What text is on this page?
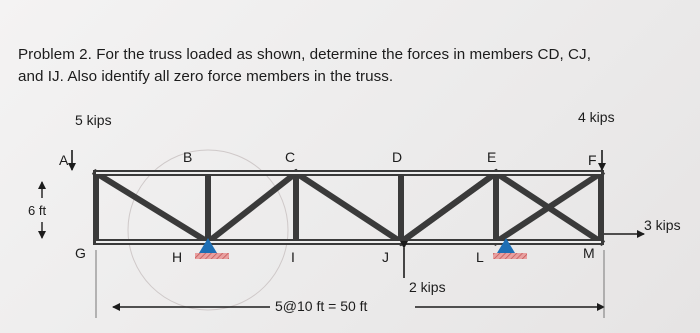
Problem 2. For the truss loaded as shown, determine the forces in members CD, CJ,
and IJ. Also identify all zero force members in the truss.
5 kips	4 kips
3 kips
2 kips
A	B	C	D	E	F
G	H	I	J	L	M
6 ft
5@10 ft = 50 ft
